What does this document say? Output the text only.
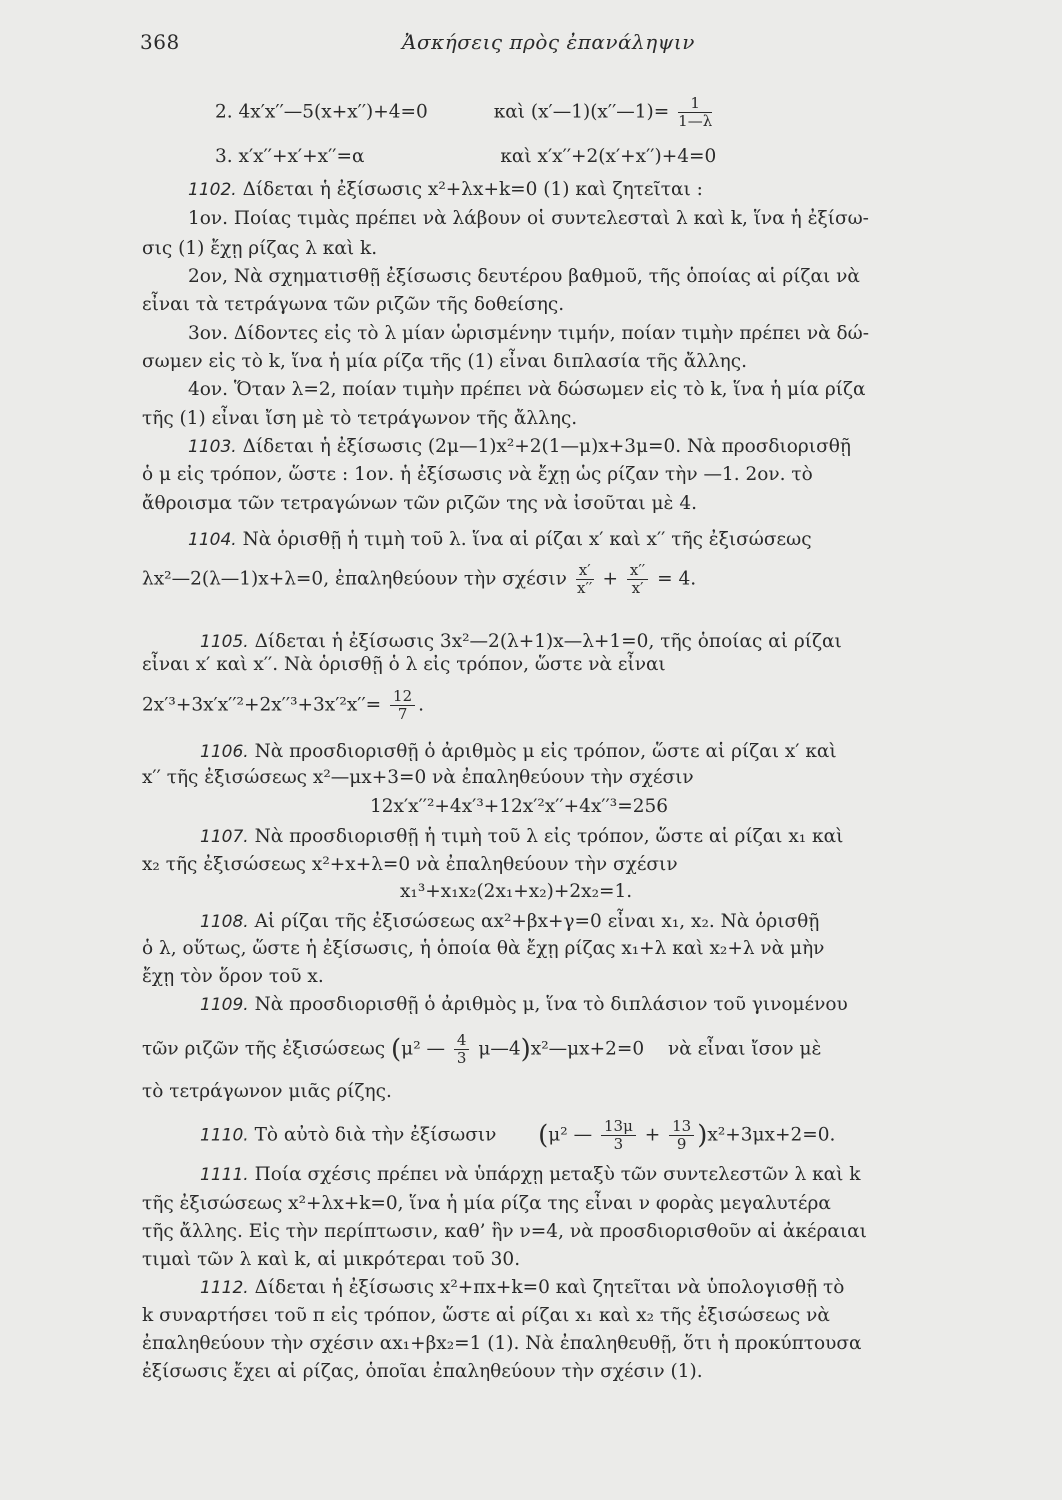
368	Ἀσκήσεις πρὸς ἐπανάληψιν
2. 4x′x′′—5(x+x′′)+4=0	καὶ (x′—1)(x′′—1)= $\frac{1}{1—\lambda}$
3. x′x′′+x′+x′′=α	καὶ x′x′′+2(x′+x′′)+4=0
1102. Δίδεται ἡ ἐξίσωσις x²+λx+k=0 (1) καὶ ζητεῖται :
1ον. Ποίας τιμὰς πρέπει νὰ λάβουν οἱ συντελεσταὶ λ καὶ k, ἵνα ἡ ἐξίσω-
σις (1) ἔχῃ ρίζας λ καὶ k.
2ον, Νὰ σχηματισθῇ ἐξίσωσις δευτέρου βαθμοῦ, τῆς ὁποίας αἱ ρίζαι νὰ
εἶναι τὰ τετράγωνα τῶν ριζῶν τῆς δοθείσης.
3ον. Δίδοντες εἰς τὸ λ μίαν ὡρισμένην τιμήν, ποίαν τιμὴν πρέπει νὰ δώ-
σωμεν εἰς τὸ k, ἵνα ἡ μία ρίζα τῆς (1) εἶναι διπλασία τῆς ἄλλης.
4ον. Ὅταν λ=2, ποίαν τιμὴν πρέπει νὰ δώσωμεν εἰς τὸ k, ἵνα ἡ μία ρίζα
τῆς (1) εἶναι ἴση μὲ τὸ τετράγωνον τῆς ἄλλης.
1103. Δίδεται ἡ ἐξίσωσις (2μ—1)x²+2(1—μ)x+3μ=0. Νὰ προσδιορισθῇ
ὁ μ εἰς τρόπον, ὥστε : 1ον. ἡ ἐξίσωσις νὰ ἔχῃ ὡς ρίζαν τὴν —1. 2ον. τὸ
ἄθροισμα τῶν τετραγώνων τῶν ριζῶν της νὰ ἰσοῦται μὲ 4.
1104. Νὰ ὁρισθῇ ἡ τιμὴ τοῦ λ. ἵνα αἱ ρίζαι x′ καὶ x′′ τῆς ἐξισώσεως
λx²—2(λ—1)x+λ=0, ἐπαληθεύουν τὴν σχέσιν $\frac{x'}{x''} + \frac{x''}{x'} = 4$.
1105. Δίδεται ἡ ἐξίσωσις 3x²—2(λ+1)x—λ+1=0, τῆς ὁποίας αἱ ρίζαι
εἶναι x′ καὶ x′′. Νὰ ὁρισθῇ ὁ λ εἰς τρόπον, ὥστε νὰ εἶναι
$2x'^3+3x'x''^2+2x''^3+3x'^2x''= \frac{12}{7}$ .
1106. Νὰ προσδιορισθῇ ὁ ἀριθμὸς μ εἰς τρόπον, ὥστε αἱ ρίζαι x′ καὶ
x′′ τῆς ἐξισώσεως x²—μx+3=0 νὰ ἐπαληθεύουν τὴν σχέσιν
12x′x′′²+4x′³+12x′²x′′+4x′′³=256
1107. Νὰ προσδιορισθῇ ἡ τιμὴ τοῦ λ εἰς τρόπον, ὥστε αἱ ρίζαι x₁ καὶ
x₂ τῆς ἐξισώσεως x²+x+λ=0 νὰ ἐπαληθεύουν τὴν σχέσιν
x₁³+x₁x₂(2x₁+x₂)+2x₂=1.
1108. Αἱ ρίζαι τῆς ἐξισώσεως αx²+βx+γ=0 εἶναι x₁, x₂. Νὰ ὁρισθῇ
ὁ λ, οὕτως, ὥστε ἡ ἐξίσωσις, ἡ ὁποία θὰ ἔχῃ ρίζας x₁+λ καὶ x₂+λ νὰ μὴν
ἔχῃ τὸν ὅρον τοῦ x.
1109. Νὰ προσδιορισθῇ ὁ ἀριθμὸς μ, ἵνα τὸ διπλάσιον τοῦ γινομένου
τῶν ριζῶν τῆς ἐξισώσεως (μ² — $\frac{4}{3}$ μ—4)x²—μx+2=0 νὰ εἶναι ἴσον μὲ
τὸ τετράγωνον μιᾶς ρίζης.
1110. Τὸ αὐτὸ διὰ τὴν ἐξίσωσιν (μ² — $\frac{13\mu}{3} + \frac{13}{9} )x^2+3\mu x+2=0$.
1111. Ποία σχέσις πρέπει νὰ ὑπάρχῃ μεταξὺ τῶν συντελεστῶν λ καὶ k
τῆς ἐξισώσεως x²+λx+k=0, ἵνα ἡ μία ρίζα της εἶναι ν φορὰς μεγαλυτέρα
τῆς ἄλλης. Εἰς τὴν περίπτωσιν, καθ’ ἣν ν=4, νὰ προσδιορισθοῦν αἱ ἀκέραιαι
τιμαὶ τῶν λ καὶ k, αἱ μικρότεραι τοῦ 30.
1112. Δίδεται ἡ ἐξίσωσις x²+πx+k=0 καὶ ζητεῖται νὰ ὑπολογισθῇ τὸ
k συναρτήσει τοῦ π εἰς τρόπον, ὥστε αἱ ρίζαι x₁ καὶ x₂ τῆς ἐξισώσεως νὰ
ἐπαληθεύουν τὴν σχέσιν αx₁+βx₂=1 (1). Νὰ ἐπαληθευθῇ, ὅτι ἡ προκύπτουσα
ἐξίσωσις ἔχει αἱ ρίζας, ὁποῖαι ἐπαληθεύουν τὴν σχέσιν (1).
